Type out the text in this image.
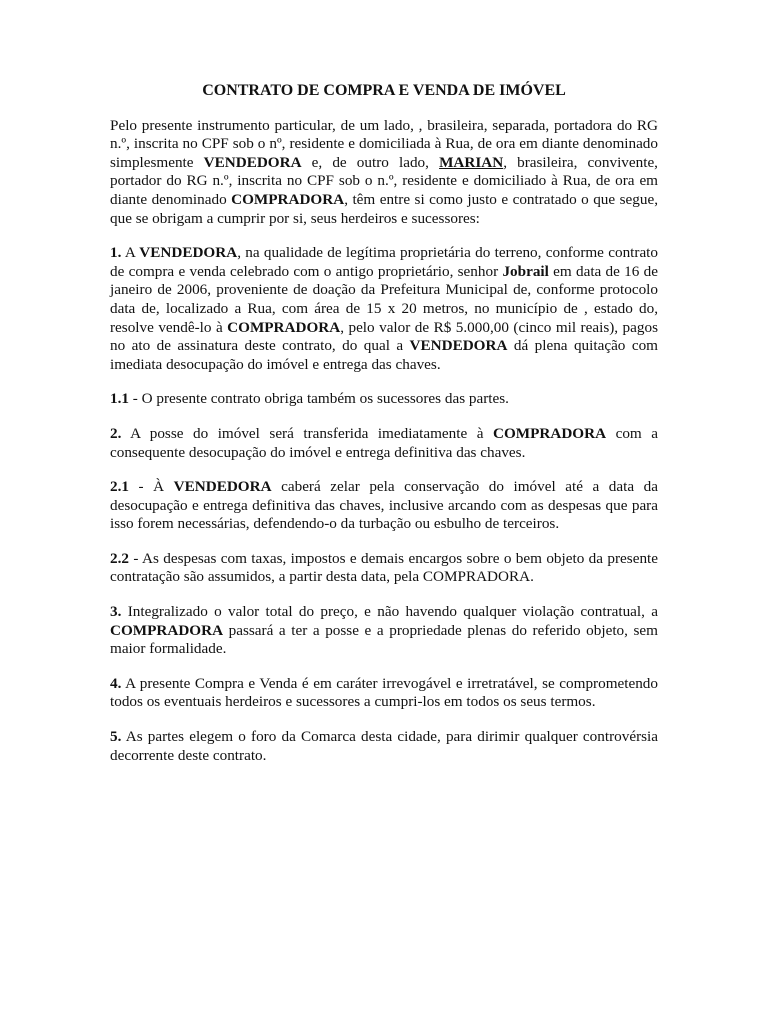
CONTRATO DE COMPRA E VENDA DE IMÓVEL

Pelo presente instrumento particular, de um lado, , brasileira, separada, portadora do RG n.º, inscrita no CPF sob o nº, residente e domiciliada à Rua, de ora em diante denominado simplesmente VENDEDORA e, de outro lado, MARIAN, brasileira, convivente, portador do RG n.º, inscrita no CPF sob o n.º, residente e domiciliado à Rua, de ora em diante denominado COMPRADORA, têm entre si como justo e contratado o que segue, que se obrigam a cumprir por si, seus herdeiros e sucessores:

1. A VENDEDORA, na qualidade de legítima proprietária do terreno, conforme contrato de compra e venda celebrado com o antigo proprietário, senhor Jobrail em data de 16 de janeiro de 2006, proveniente de doação da Prefeitura Municipal de, conforme protocolo data de, localizado a Rua, com área de 15 x 20 metros, no município de , estado do, resolve vendê-lo à COMPRADORA, pelo valor de R$ 5.000,00 (cinco mil reais), pagos no ato de assinatura deste contrato, do qual a VENDEDORA dá plena quitação com imediata desocupação do imóvel e entrega das chaves.

1.1 - O presente contrato obriga também os sucessores das partes.

2. A posse do imóvel será transferida imediatamente à COMPRADORA com a consequente desocupação do imóvel e entrega definitiva das chaves.

2.1 - À VENDEDORA caberá zelar pela conservação do imóvel até a data da desocupação e entrega definitiva das chaves, inclusive arcando com as despesas que para isso forem necessárias, defendendo-o da turbação ou esbulho de terceiros.

2.2 - As despesas com taxas, impostos e demais encargos sobre o bem objeto da presente contratação são assumidos, a partir desta data, pela COMPRADORA.

3. Integralizado o valor total do preço, e não havendo qualquer violação contratual, a COMPRADORA passará a ter a posse e a propriedade plenas do referido objeto, sem maior formalidade.

4. A presente Compra e Venda é em caráter irrevogável e irretratável, se comprometendo todos os eventuais herdeiros e sucessores a cumpri-los em todos os seus termos.

5. As partes elegem o foro da Comarca desta cidade, para dirimir qualquer controvérsia decorrente deste contrato.
